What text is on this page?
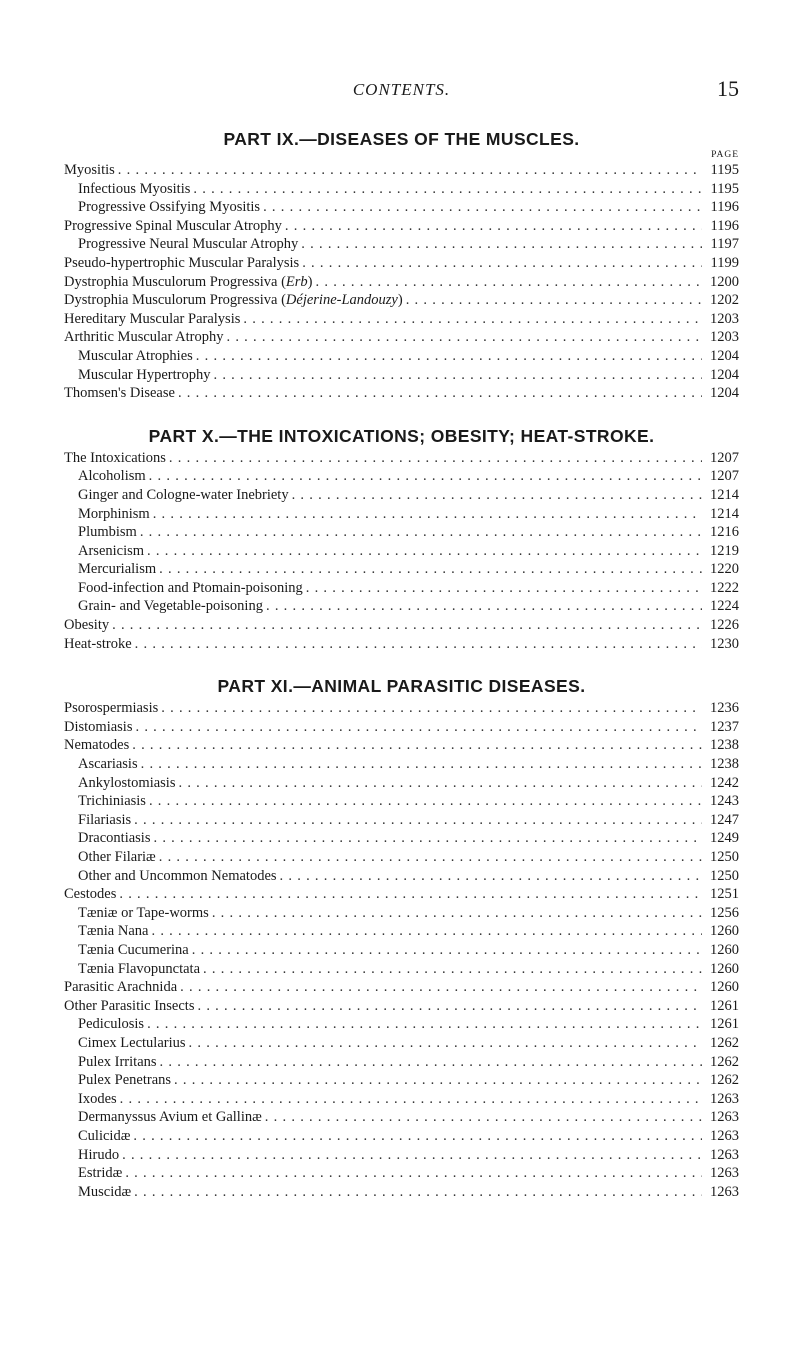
CONTENTS.	15
PART IX.—DISEASES OF THE MUSCLES.
PAGE
Myositis . . .	1195
Infectious Myositis . . .	1195
Progressive Ossifying Myositis . . .	1196
Progressive Spinal Muscular Atrophy . . .	1196
Progressive Neural Muscular Atrophy . . .	1197
Pseudo-hypertrophic Muscular Paralysis . . .	1199
Dystrophia Musculorum Progressiva (Erb) . . .	1200
Dystrophia Musculorum Progressiva (Déjerine-Landouzy) . . .	1202
Hereditary Muscular Paralysis . . .	1203
Arthritic Muscular Atrophy . . .	1203
Muscular Atrophies . . .	1204
Muscular Hypertrophy . . .	1204
Thomsen's Disease . . .	1204
PART X.—THE INTOXICATIONS; OBESITY; HEAT-STROKE.
The Intoxications . . .	1207
Alcoholism . . .	1207
Ginger and Cologne-water Inebriety . . .	1214
Morphinism . . .	1214
Plumbism . . .	1216
Arsenicism . . .	1219
Mercurialism . . .	1220
Food-infection and Ptomain-poisoning . . .	1222
Grain- and Vegetable-poisoning . . .	1224
Obesity . . .	1226
Heat-stroke . . .	1230
PART XI.—ANIMAL PARASITIC DISEASES.
Psorospermiasis . . .	1236
Distomiasis . . .	1237
Nematodes . . .	1238
Ascariasis . . .	1238
Ankylostomiasis . . .	1242
Trichiniasis . . .	1243
Filariasis . . .	1247
Dracontiasis . . .	1249
Other Filariæ . . .	1250
Other and Uncommon Nematodes . . .	1250
Cestodes . . .	1251
Tæniæ or Tape-worms . . .	1256
Tænia Nana . . .	1260
Tænia Cucumerina . . .	1260
Tænia Flavopunctata . . .	1260
Parasitic Arachnida . . .	1260
Other Parasitic Insects . . .	1261
Pediculosis . . .	1261
Cimex Lectularius . . .	1262
Pulex Irritans . . .	1262
Pulex Penetrans . . .	1262
Ixodes . . .	1263
Dermanyssus Avium et Gallinæ . . .	1263
Culicidæ . . .	1263
Hirudo . . .	1263
Estridæ . . .	1263
Muscidæ . . .	1263
